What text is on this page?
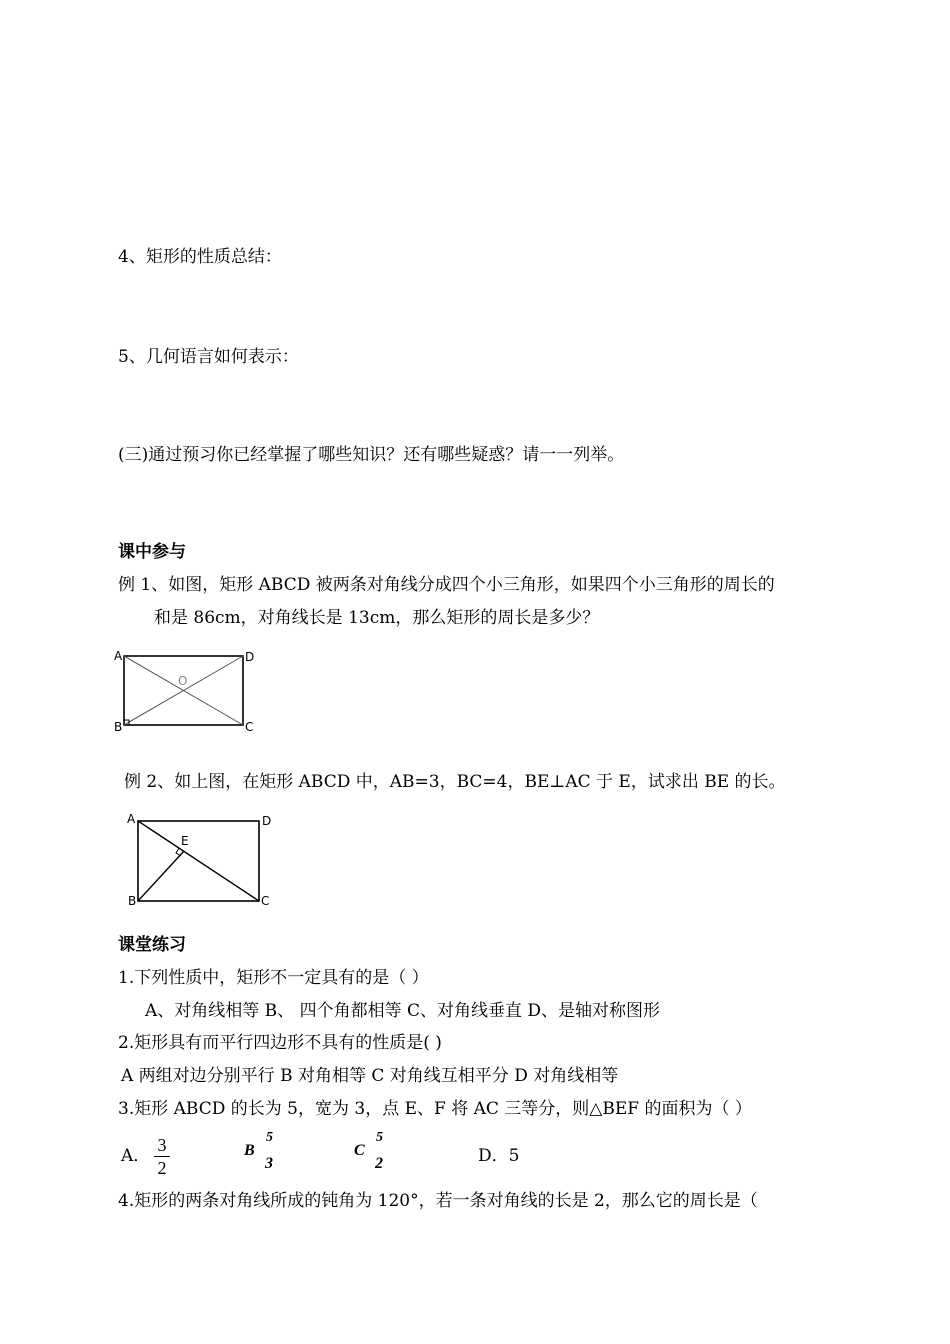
4、矩形的性质总结：
5、几何语言如何表示：
(三)通过预习你已经掌握了哪些知识？还有哪些疑惑？请一一列举。
课中参与
例 1、如图，矩形 ABCD 被两条对角线分成四个小三角形，如果四个小三角形的周长的
和是 86cm，对角线长是 13cm，那么矩形的周长是多少？
A
B	C
D
O
例 2、如上图，在矩形 ABCD 中，AB=3，BC=4，BE⊥AC 于 E，试求出 BE 的长。
A
B	C
D
E
课堂练习
1.下列性质中，矩形不一定具有的是（ ）
A、对角线相等 B、 四个角都相等 C、对角线垂直 D、是轴对称图形
2.矩形具有而平行四边形不具有的性质是( )
A 两组对边分别平行 B 对角相等 C 对角线互相平分 D 对角线相等
3.矩形 ABCD 的长为 5，宽为 3，点 E、F 将 AC 三等分，则△BEF 的面积为（ ）
A．
3
2
B
5
3
C
5
2	D．5
4.矩形的两条对角线所成的钝角为 120°，若一条对角线的长是 2，那么它的周长是（
